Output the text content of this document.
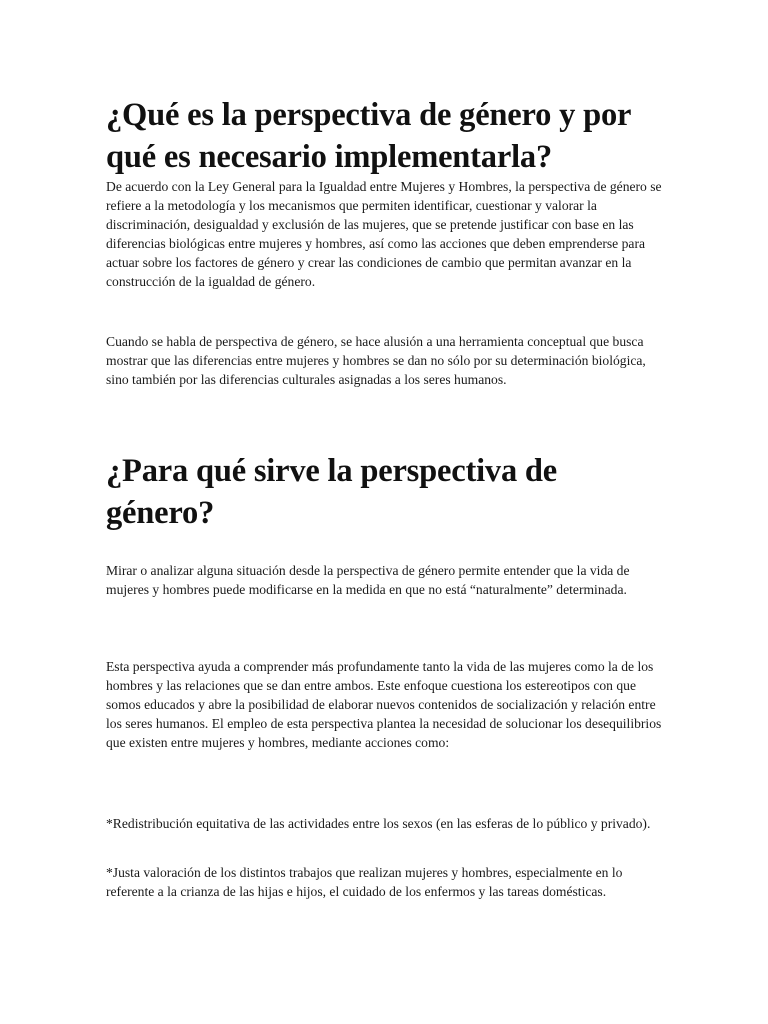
¿Qué es la perspectiva de género y por qué es necesario implementarla?

De acuerdo con la Ley General para la Igualdad entre Mujeres y Hombres, la perspectiva de género se refiere a la metodología y los mecanismos que permiten identificar, cuestionar y valorar la discriminación, desigualdad y exclusión de las mujeres, que se pretende justificar con base en las diferencias biológicas entre mujeres y hombres, así como las acciones que deben emprenderse para actuar sobre los factores de género y crear las condiciones de cambio que permitan avanzar en la construcción de la igualdad de género.

Cuando se habla de perspectiva de género, se hace alusión a una herramienta conceptual que busca mostrar que las diferencias entre mujeres y hombres se dan no sólo por su determinación biológica, sino también por las diferencias culturales asignadas a los seres humanos.

¿Para qué sirve la perspectiva de género?

Mirar o analizar alguna situación desde la perspectiva de género permite entender que la vida de mujeres y hombres puede modificarse en la medida en que no está “naturalmente” determinada.

Esta perspectiva ayuda a comprender más profundamente tanto la vida de las mujeres como la de los hombres y las relaciones que se dan entre ambos. Este enfoque cuestiona los estereotipos con que somos educados y abre la posibilidad de elaborar nuevos contenidos de socialización y relación entre los seres humanos. El empleo de esta perspectiva plantea la necesidad de solucionar los desequilibrios que existen entre mujeres y hombres, mediante acciones como:

*Redistribución equitativa de las actividades entre los sexos (en las esferas de lo público y privado).

*Justa valoración de los distintos trabajos que realizan mujeres y hombres, especialmente en lo referente a la crianza de las hijas e hijos, el cuidado de los enfermos y las tareas domésticas.
